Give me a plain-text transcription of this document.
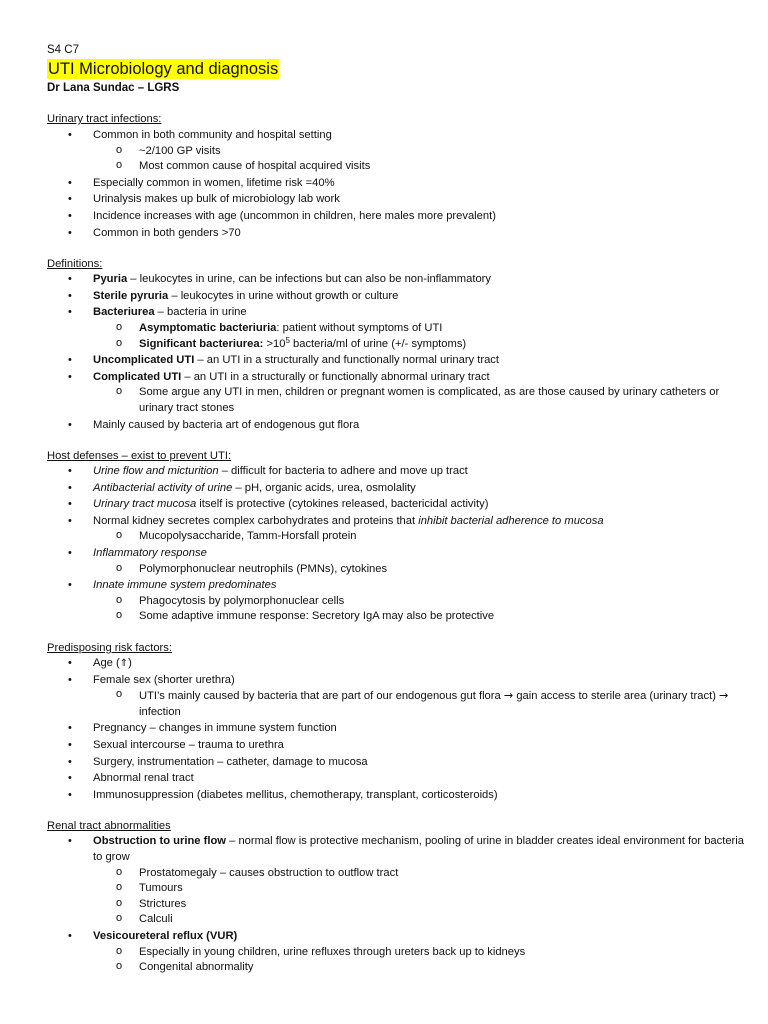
S4 C7
UTI Microbiology and diagnosis
Dr Lana Sundac – LGRS
Urinary tract infections:
• Common in both community and hospital setting
o ~2/100 GP visits
o Most common cause of hospital acquired visits
• Especially common in women, lifetime risk =40%
• Urinalysis makes up bulk of microbiology lab work
• Incidence increases with age (uncommon in children, here males more prevalent)
• Common in both genders >70
Definitions:
• Pyuria – leukocytes in urine, can be infections but can also be non-inflammatory
• Sterile pyruria – leukocytes in urine without growth or culture
• Bacteriurea – bacteria in urine
o Asymptomatic bacteriuria: patient without symptoms of UTI
o Significant bacteriurea: $>10^5$ bacteria/ml of urine (+/- symptoms)
• Uncomplicated UTI – an UTI in a structurally and functionally normal urinary tract
• Complicated UTI – an UTI in a structurally or functionally abnormal urinary tract
o Some argue any UTI in men, children or pregnant women is complicated, as are those caused by urinary catheters or urinary tract stones
• Mainly caused by bacteria art of endogenous gut flora
Host defenses – exist to prevent UTI:
• Urine flow and micturition – difficult for bacteria to adhere and move up tract
• Antibacterial activity of urine – pH, organic acids, urea, osmolality
• Urinary tract mucosa itself is protective (cytokines released, bactericidal activity)
• Normal kidney secretes complex carbohydrates and proteins that inhibit bacterial adherence to mucosa
o Mucopolysaccharide, Tamm-Horsfall protein
• Inflammatory response
o Polymorphonuclear neutrophils (PMNs), cytokines
• Innate immune system predominates
o Phagocytosis by polymorphonuclear cells
o Some adaptive immune response: Secretory IgA may also be protective
Predisposing risk factors:
• Age (⇑)
• Female sex (shorter urethra)
o UTI’s mainly caused by bacteria that are part of our endogenous gut flora → gain access to sterile area (urinary tract) → infection
• Pregnancy – changes in immune system function
• Sexual intercourse – trauma to urethra
• Surgery, instrumentation – catheter, damage to mucosa
• Abnormal renal tract
• Immunosuppression (diabetes mellitus, chemotherapy, transplant, corticosteroids)
Renal tract abnormalities
• Obstruction to urine flow – normal flow is protective mechanism, pooling of urine in bladder creates ideal environment for bacteria to grow
o Prostatomegaly – causes obstruction to outflow tract
o Tumours
o Strictures
o Calculi
• Vesicoureteral reflux (VUR)
o Especially in young children, urine refluxes through ureters back up to kidneys
o Congenital abnormality
